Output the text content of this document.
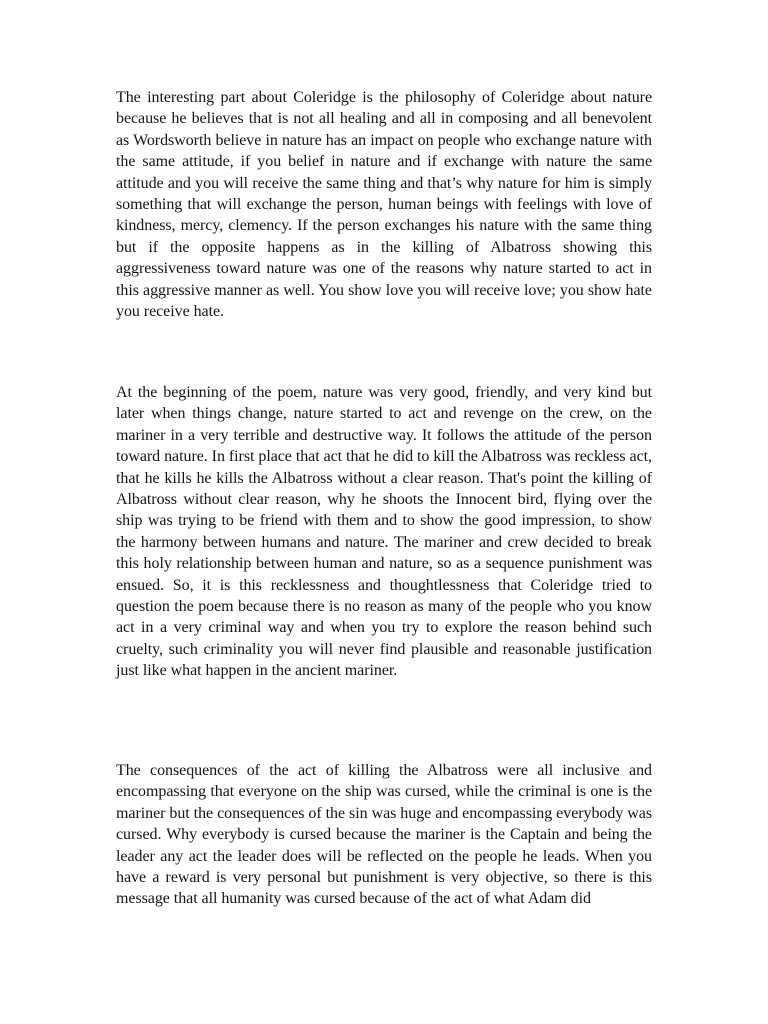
The interesting part about Coleridge is the philosophy of Coleridge about nature because he believes that is not all healing and all in composing and all benevolent as Wordsworth believe in nature has an impact on people who exchange nature with the same attitude, if you belief in nature and if exchange with nature the same attitude and you will receive the same thing and that’s why nature for him is simply something that will exchange the person, human beings with feelings with love of kindness, mercy, clemency. If the person exchanges his nature with the same thing but if the opposite happens as in the killing of Albatross showing this aggressiveness toward nature was one of the reasons why nature started to act in this aggressive manner as well. You show love you will receive love; you show hate you receive hate.

At the beginning of the poem, nature was very good, friendly, and very kind but later when things change, nature started to act and revenge on the crew, on the mariner in a very terrible and destructive way. It follows the attitude of the person toward nature. In first place that act that he did to kill the Albatross was reckless act, that he kills he kills the Albatross without a clear reason. That's point the killing of Albatross without clear reason, why he shoots the Innocent bird, flying over the ship was trying to be friend with them and to show the good impression, to show the harmony between humans and nature. The mariner and crew decided to break this holy relationship between human and nature, so as a sequence punishment was ensued. So, it is this recklessness and thoughtlessness that Coleridge tried to question the poem because there is no reason as many of the people who you know act in a very criminal way and when you try to explore the reason behind such cruelty, such criminality you will never find plausible and reasonable justification just like what happen in the ancient mariner.

The consequences of the act of killing the Albatross were all inclusive and encompassing that everyone on the ship was cursed, while the criminal is one is the mariner but the consequences of the sin was huge and encompassing everybody was cursed. Why everybody is cursed because the mariner is the Captain and being the leader any act the leader does will be reflected on the people he leads. When you have a reward is very personal but punishment is very objective, so there is this message that all humanity was cursed because of the act of what Adam did
